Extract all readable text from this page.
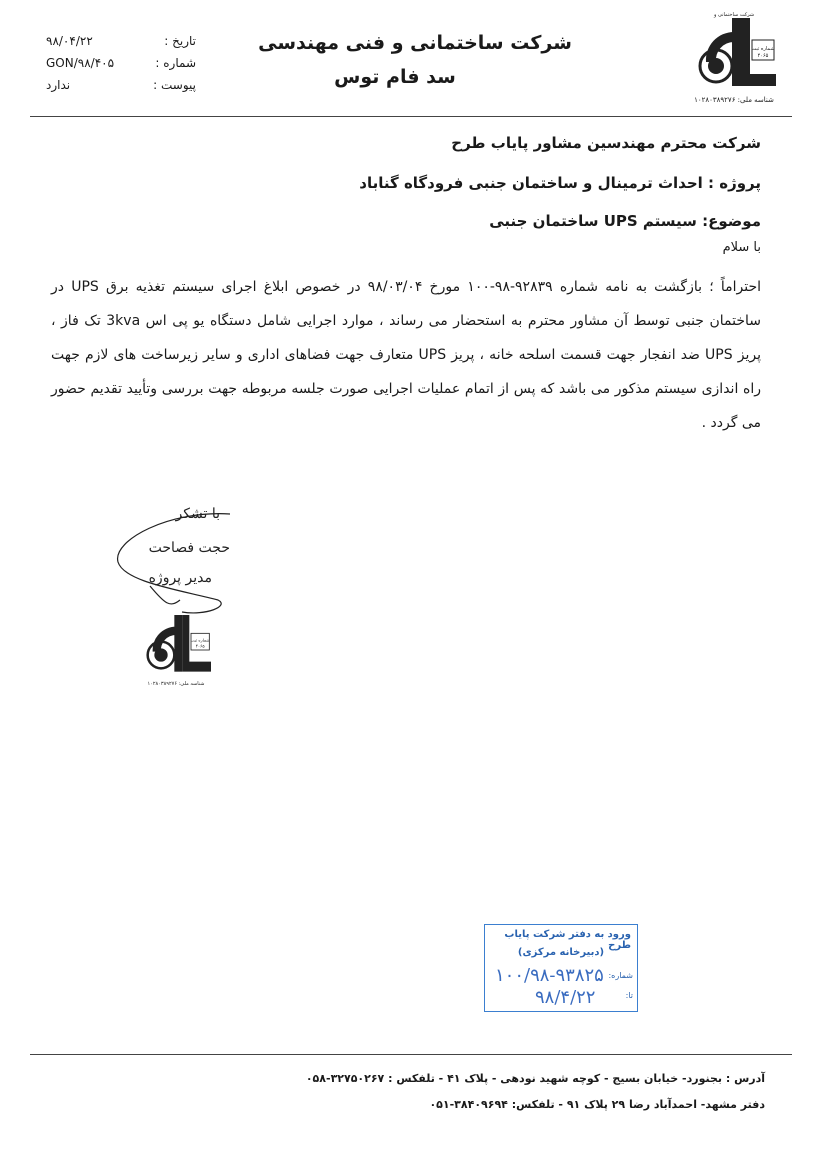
تاریخ :
۹۸/۰۴/۲۲
شماره :
GON/۹۸/۴۰۵
پیوست :
ندارد
شرکت ساختمانی و فنی مهندسی
سد فام توس
شماره ثبت
۴۰۶۵
شرکت ساختمانی و
شناسه ملی: ۱۰۲۸۰۳۸۹۲۷۶
شرکت محترم مهندسین مشاور پایاب طرح
پروژه : احداث ترمینال و ساختمان جنبی فرودگاه گناباد
موضوع: سیستم UPS ساختمان جنبی
با سلام
احتراماً ؛ بازگشت به نامه شماره ۹۲۸۳۹-۹۸-۱۰۰ مورخ ۹۸/۰۳/۰۴ در خصوص ابلاغ اجرای سیستم تغذیه برق UPS در ساختمان جنبی توسط آن مشاور محترم به استحضار می رساند ، موارد اجرایی شامل دستگاه یو پی اس 3kva تک فاز ، پریز UPS ضد انفجار جهت قسمت اسلحه خانه ، پریز UPS متعارف جهت فضاهای اداری و سایر زیرساخت های لازم جهت راه اندازی سیستم مذکور می باشد که پس از اتمام عملیات اجرایی صورت جلسه مربوطه جهت بررسی وتأیید تقدیم حضور می گردد .
با تشکر
حجت فصاحت
مدیر پروژه
شماره ثبت
۴۰۶۵
شناسه ملی: ۱۰۲۸۰۳۸۹۲۷۶
ورود به دفتر شرکت پایاب طرح
(دبیرخانه مرکزی)
شماره:
۱۰۰/۹۸-۹۳۸۲۵
تا:
۹۸/۴/۲۲
آدرس : بجنورد- خیابان بسیج - کوچه شهید نودهی - پلاک ۴۱ - تلفکس : ۳۲۷۵۰۲۶۷-۰۵۸
دفتر مشهد- احمدآباد رضا ۲۹ پلاک ۹۱ - تلفکس: ۳۸۴۰۹۶۹۴-۰۵۱
